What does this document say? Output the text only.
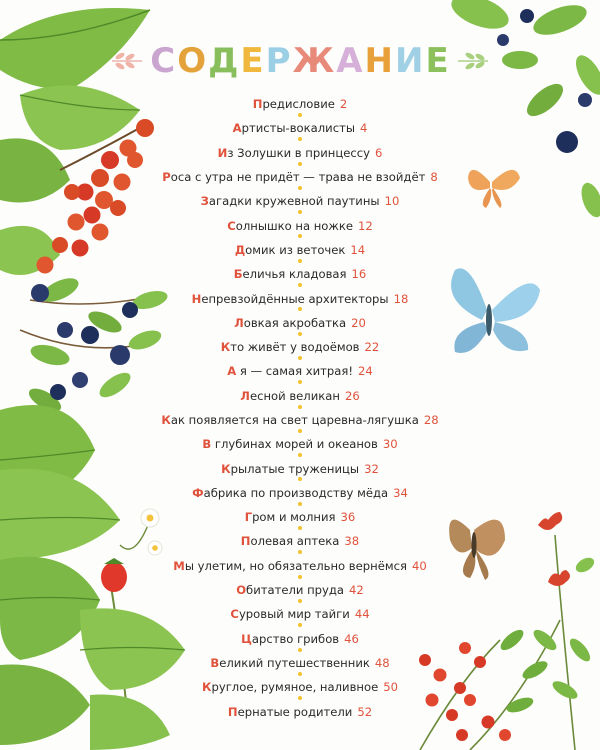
С О Д Е Р Ж А Н И Е
П редисловие 2
А ртисты-вокалисты 4
И з Золушки в принцессу 6
Р оса с утра не придёт — трава не взойдёт 8
З агадки кружевной паутины 10
С олнышко на ножке 12
Д омик из веточек 14
Б еличья кладовая 16
Н епревзойдённые архитекторы 18
Л овкая акробатка 20
К то живёт у водоёмов 22
А я — самая хитрая! 24
Л есной великан 26
К ак появляется на свет царевна-лягушка 28
В глубинах морей и океанов 30
К рылатые труженицы 32
Ф абрика по производству мёда 34
Г ром и молния 36
П олевая аптека 38
М ы улетим, но обязательно вернёмся 40
О битатели пруда 42
С уровый мир тайги 44
Ц арство грибов 46
В еликий путешественник 48
К руглое, румяное, наливное 50
П ернатые родители 52
